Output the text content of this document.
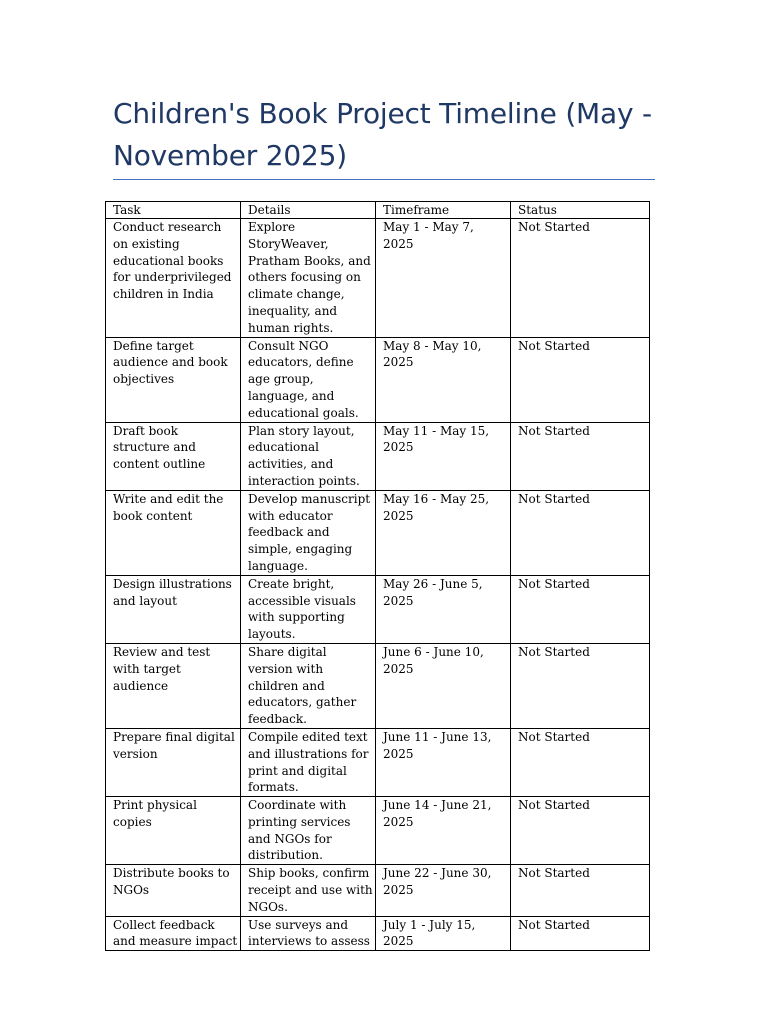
Children's Book Project Timeline (May - November 2025)
Task	Details	Timeframe	Status
Conduct research on existing educational books for underprivileged children in India	Explore StoryWeaver, Pratham Books, and others focusing on climate change, inequality, and human rights.	May 1 - May 7, 2025	Not Started
Define target audience and book objectives	Consult NGO educators, define age group, language, and educational goals.	May 8 - May 10, 2025	Not Started
Draft book structure and content outline	Plan story layout, educational activities, and interaction points.	May 11 - May 15, 2025	Not Started
Write and edit the book content	Develop manuscript with educator feedback and simple, engaging language.	May 16 - May 25, 2025	Not Started
Design illustrations and layout	Create bright, accessible visuals with supporting layouts.	May 26 - June 5, 2025	Not Started
Review and test with target audience	Share digital version with children and educators, gather feedback.	June 6 - June 10, 2025	Not Started
Prepare final digital version	Compile edited text and illustrations for print and digital formats.	June 11 - June 13, 2025	Not Started
Print physical copies	Coordinate with printing services and NGOs for distribution.	June 14 - June 21, 2025	Not Started
Distribute books to NGOs	Ship books, confirm receipt and use with NGOs.	June 22 - June 30, 2025	Not Started
Collect feedback and measure impact	Use surveys and interviews to assess	July 1 - July 15, 2025	Not Started
